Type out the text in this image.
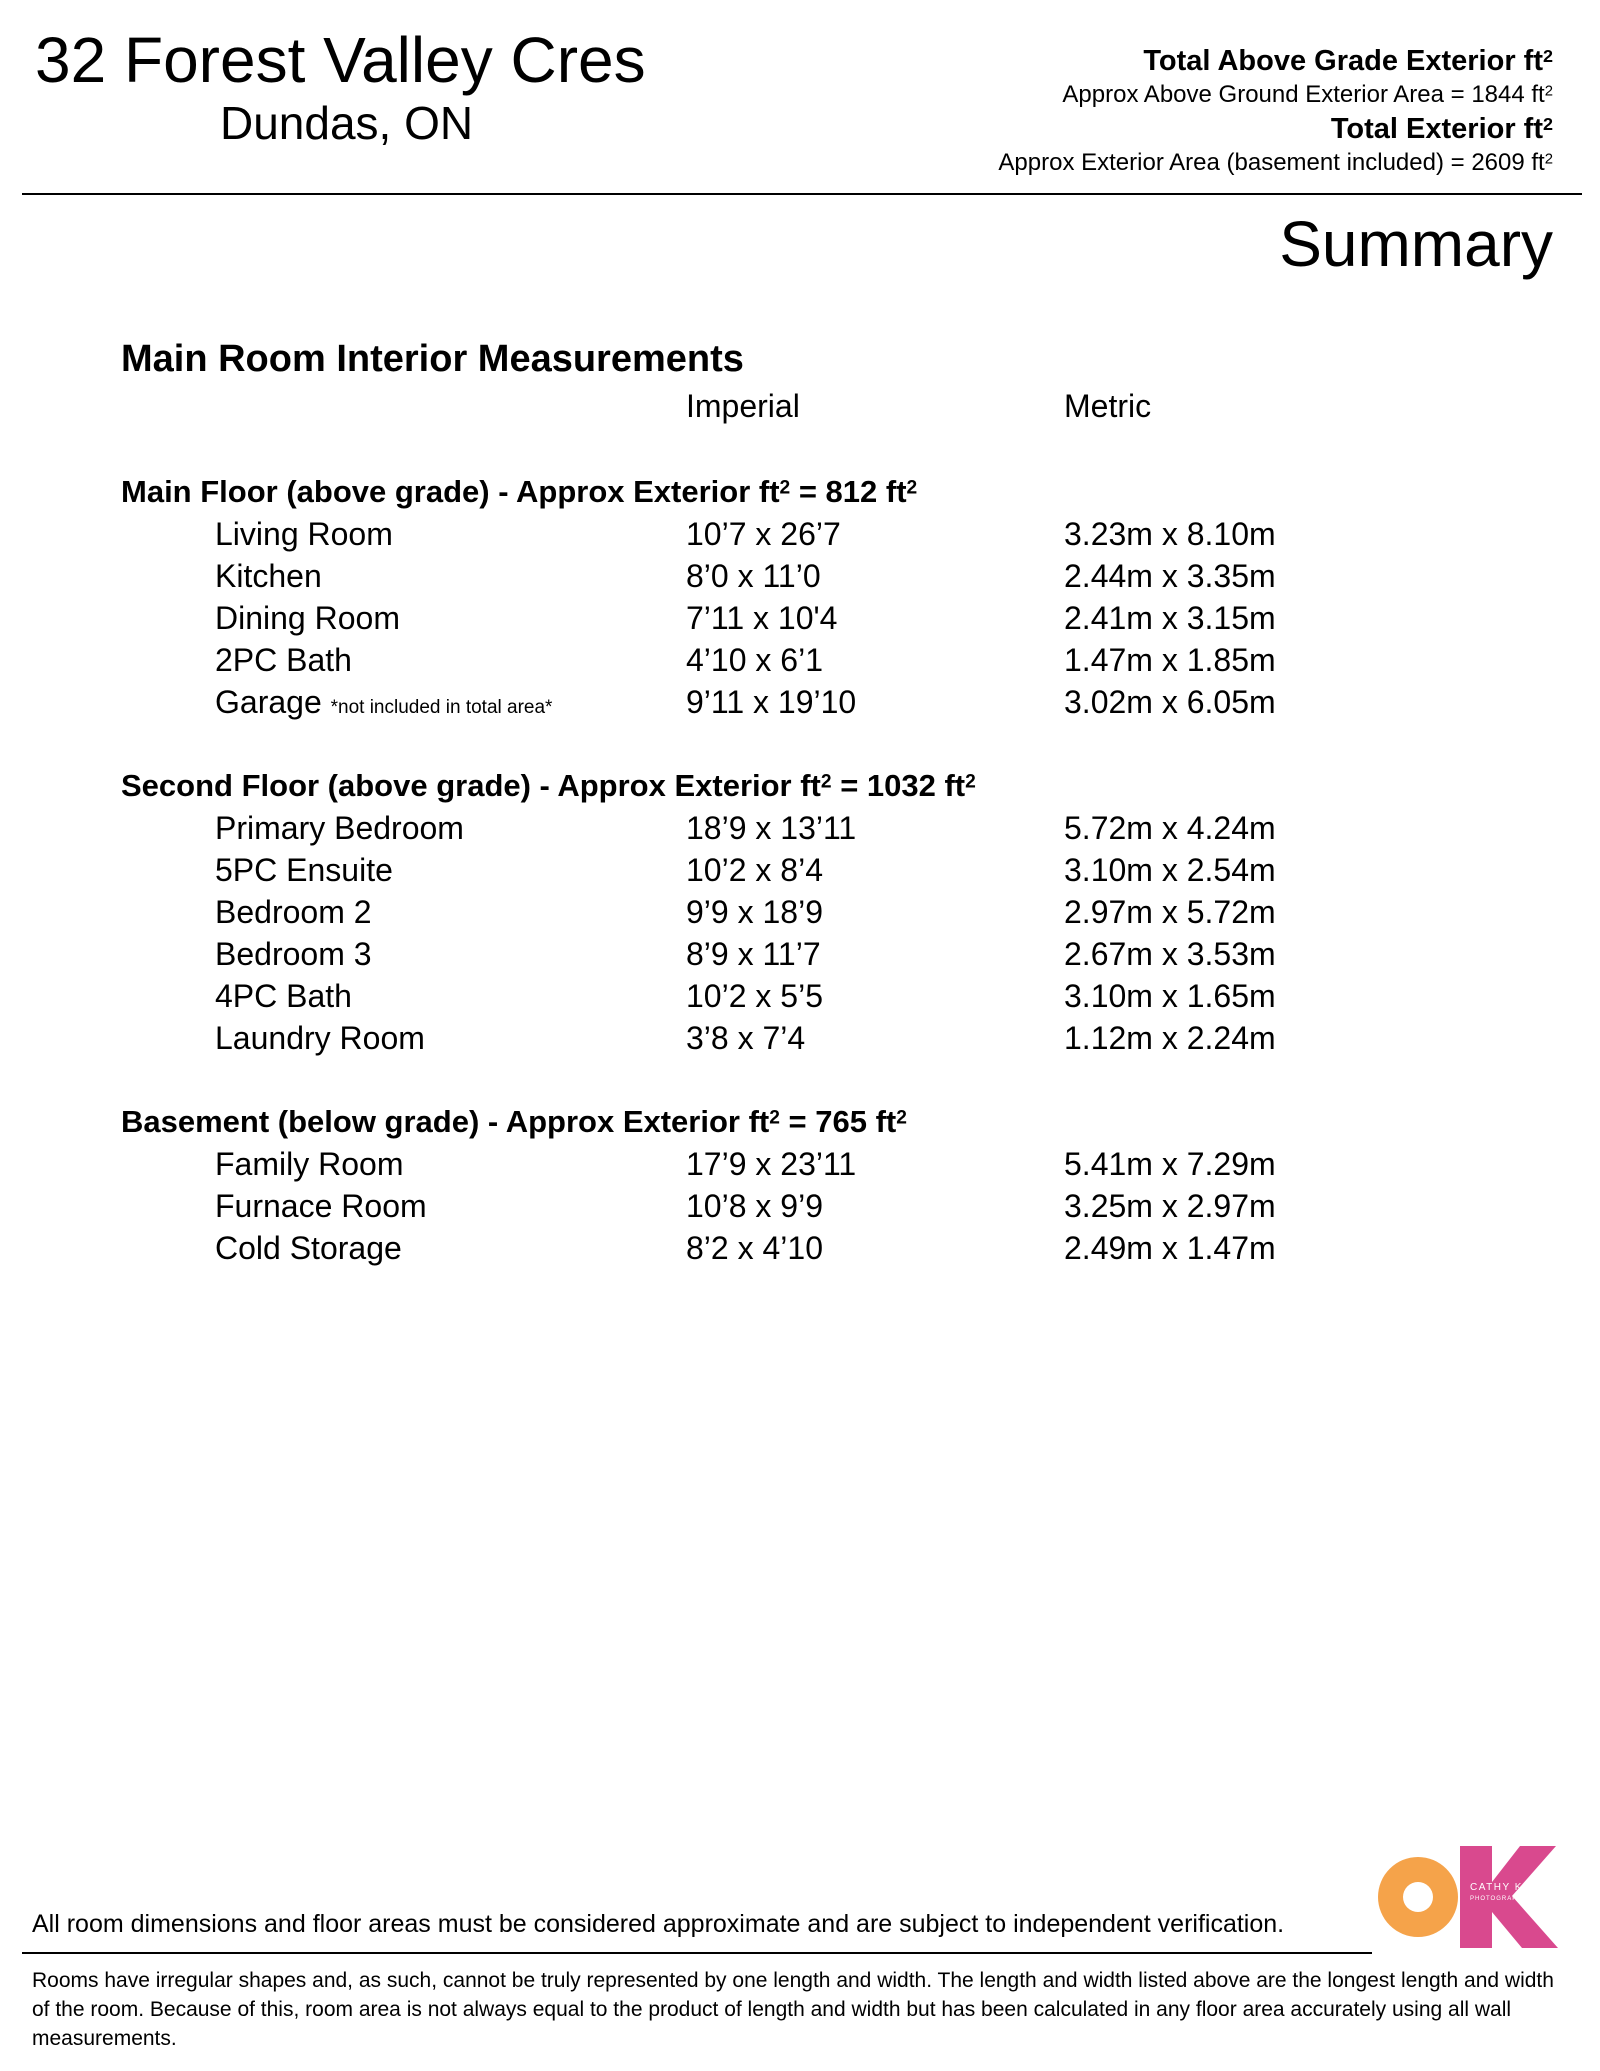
32 Forest Valley Cres
Dundas, ON
Total Above Grade Exterior $ft^2$
Approx Above Ground Exterior Area = 1844 $ft^2$
Total Exterior $ft^2$
Approx Exterior Area (basement included) = 2609 $ft^2$
Summary
Main Room Interior Measurements
Imperial	Metric
Main Floor (above grade) - Approx Exterior $ft^2 = 812$ $ft^2$
Living Room	10’7 x 26’7	3.23m x 8.10m
Kitchen	8’0 x 11’0	2.44m x 3.35m
Dining Room	7’11 x 10'4	2.41m x 3.15m
2PC Bath	4’10 x 6’1	1.47m x 1.85m
Garage *not included in total area*	9’11 x 19’10	3.02m x 6.05m
Second Floor (above grade) - Approx Exterior $ft^2 = 1032$ $ft^2$
Primary Bedroom	18’9 x 13’11	5.72m x 4.24m
5PC Ensuite	10’2 x 8’4	3.10m x 2.54m
Bedroom 2	9’9 x 18’9	2.97m x 5.72m
Bedroom 3	8’9 x 11’7	2.67m x 3.53m
4PC Bath	10’2 x 5’5	3.10m x 1.65m
Laundry Room	3’8 x 7’4	1.12m x 2.24m
Basement (below grade) - Approx Exterior $ft^2 = 765$ $ft^2$
Family Room	17’9 x 23’11	5.41m x 7.29m
Furnace Room	10’8 x 9’9	3.25m x 2.97m
Cold Storage	8’2 x 4’10	2.49m x 1.47m
All room dimensions and floor areas must be considered approximate and are subject to independent verification.
CATHY KOOP
PHOTOGRAPHY
Rooms have irregular shapes and, as such, cannot be truly represented by one length and width. The length and width listed above are the longest length and width of the room. Because of this, room area is not always equal to the product of length and width but has been calculated in any floor area accurately using all wall measurements.
